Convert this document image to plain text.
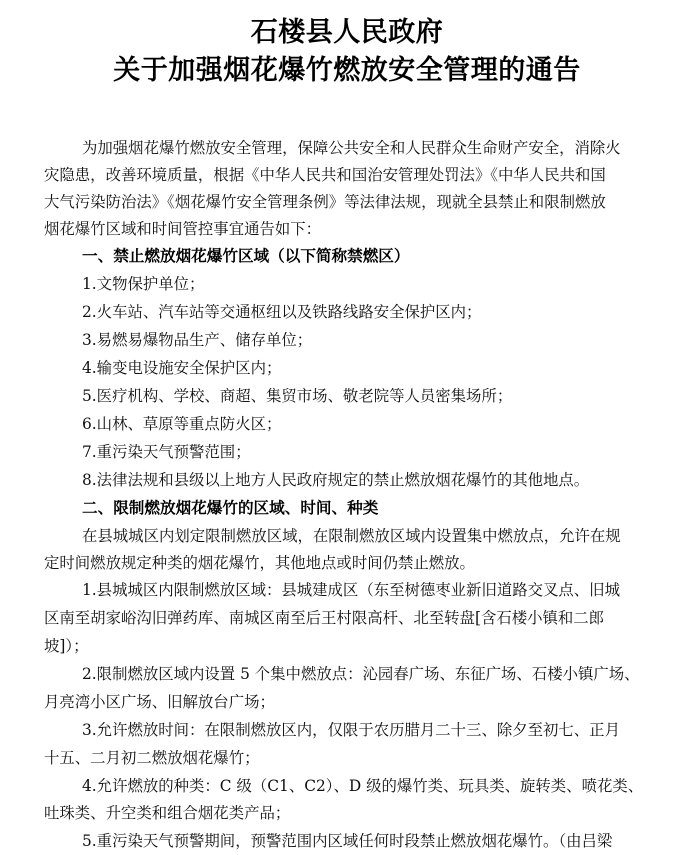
石楼县人民政府
关于加强烟花爆竹燃放安全管理的通告
为加强烟花爆竹燃放安全管理，保障公共安全和人民群众生命财产安全，消除火
灾隐患，改善环境质量，根据《中华人民共和国治安管理处罚法》《中华人民共和国
大气污染防治法》《烟花爆竹安全管理条例》等法律法规，现就全县禁止和限制燃放
烟花爆竹区域和时间管控事宜通告如下：
一、禁止燃放烟花爆竹区域（以下简称禁燃区）
1.文物保护单位；
2.火车站、汽车站等交通枢纽以及铁路线路安全保护区内；
3.易燃易爆物品生产、储存单位；
4.输变电设施安全保护区内；
5.医疗机构、学校、商超、集贸市场、敬老院等人员密集场所；
6.山林、草原等重点防火区；
7.重污染天气预警范围；
8.法律法规和县级以上地方人民政府规定的禁止燃放烟花爆竹的其他地点。
二、限制燃放烟花爆竹的区域、时间、种类
在县城城区内划定限制燃放区域，在限制燃放区域内设置集中燃放点，允许在规
定时间燃放规定种类的烟花爆竹，其他地点或时间仍禁止燃放。
1.县城城区内限制燃放区域：县城建成区（东至树德枣业新旧道路交叉点、旧城
区南至胡家峪沟旧弹药库、南城区南至后王村限高杆、北至转盘[含石楼小镇和二郎
坡]）；
2.限制燃放区域内设置 5 个集中燃放点：沁园春广场、东征广场、石楼小镇广场、
月亮湾小区广场、旧解放台广场；
3.允许燃放时间：在限制燃放区内，仅限于农历腊月二十三、除夕至初七、正月
十五、二月初二燃放烟花爆竹；
4.允许燃放的种类：C 级（C1、C2）、D 级的爆竹类、玩具类、旋转类、喷花类、
吐珠类、升空类和组合烟花类产品；
5.重污染天气预警期间，预警范围内区域任何时段禁止燃放烟花爆竹。（由吕梁
